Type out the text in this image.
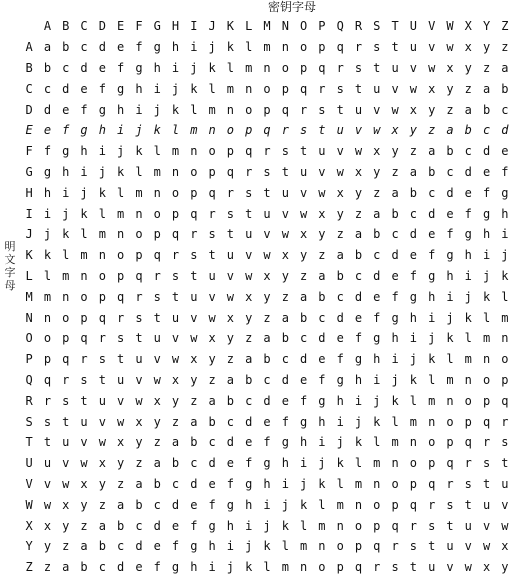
密钥字母
明
文
字
母
A B C D E F G H I J K L M N O P Q R S T U V W X Y Z
A a b c d e f g h i j k l m n o p q r s t u v w x y z
B b c d e f g h i j k l m n o p q r s t u v w x y z a
C c d e f g h i j k l m n o p q r s t u v w x y z a b
D d e f g h i j k l m n o p q r s t u v w x y z a b c
E e f g h i j k l m n o p q r s t u v w x y z a b c d
F f g h i j k l m n o p q r s t u v w x y z a b c d e
G g h i j k l m n o p q r s t u v w x y z a b c d e f
H h i j k l m n o p q r s t u v w x y z a b c d e f g
I i j k l m n o p q r s t u v w x y z a b c d e f g h
J j k l m n o p q r s t u v w x y z a b c d e f g h i
K k l m n o p q r s t u v w x y z a b c d e f g h i j
L l m n o p q r s t u v w x y z a b c d e f g h i j k
M m n o p q r s t u v w x y z a b c d e f g h i j k l
N n o p q r s t u v w x y z a b c d e f g h i j k l m
O o p q r s t u v w x y z a b c d e f g h i j k l m n
P p q r s t u v w x y z a b c d e f g h i j k l m n o
Q q r s t u v w x y z a b c d e f g h i j k l m n o p
R r s t u v w x y z a b c d e f g h i j k l m n o p q
S s t u v w x y z a b c d e f g h i j k l m n o p q r
T t u v w x y z a b c d e f g h i j k l m n o p q r s
U u v w x y z a b c d e f g h i j k l m n o p q r s t
V v w x y z a b c d e f g h i j k l m n o p q r s t u
W w x y z a b c d e f g h i j k l m n o p q r s t u v
X x y z a b c d e f g h i j k l m n o p q r s t u v w
Y y z a b c d e f g h i j k l m n o p q r s t u v w x
Z z a b c d e f g h i j k l m n o p q r s t u v w x y
